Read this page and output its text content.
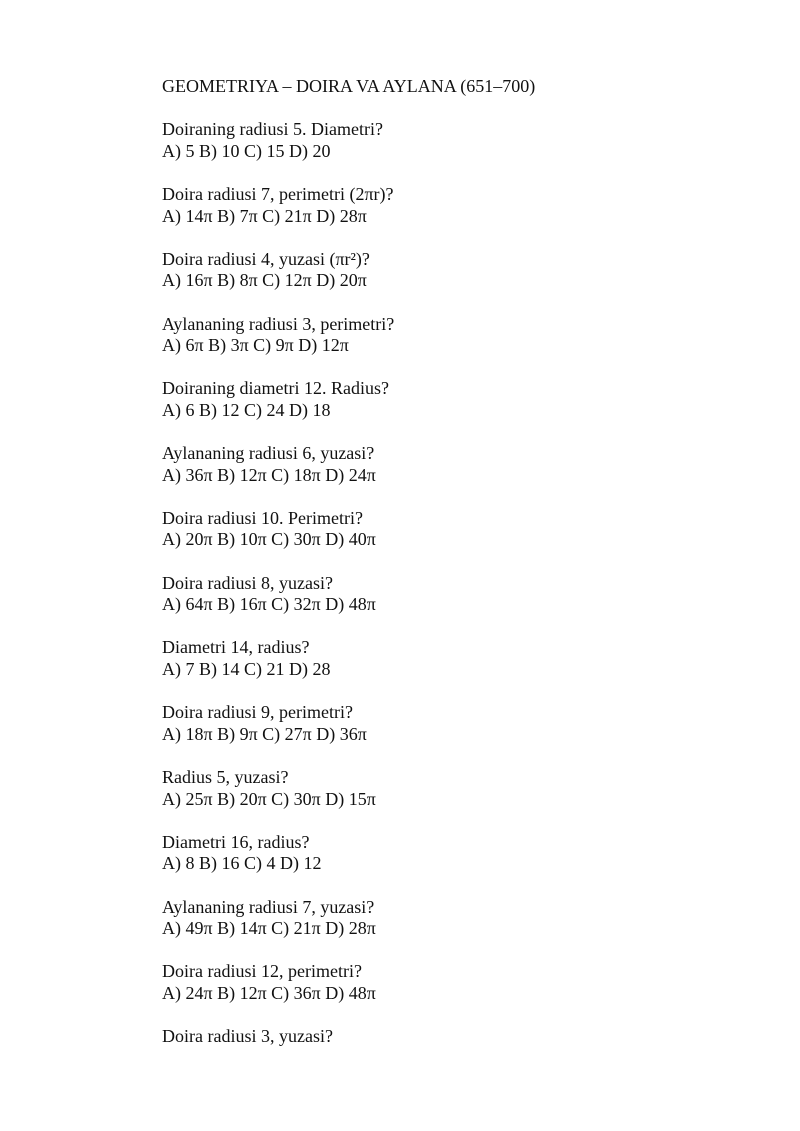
GEOMETRIYA – DOIRA VA AYLANA (651–700)
Doiraning radiusi 5. Diametri?
A) 5 B) 10 C) 15 D) 20
Doira radiusi 7, perimetri (2πr)?
A) 14π B) 7π C) 21π D) 28π
Doira radiusi 4, yuzasi (πr²)?
A) 16π B) 8π C) 12π D) 20π
Aylananing radiusi 3, perimetri?
A) 6π B) 3π C) 9π D) 12π
Doiraning diametri 12. Radius?
A) 6 B) 12 C) 24 D) 18
Aylananing radiusi 6, yuzasi?
A) 36π B) 12π C) 18π D) 24π
Doira radiusi 10. Perimetri?
A) 20π B) 10π C) 30π D) 40π
Doira radiusi 8, yuzasi?
A) 64π B) 16π C) 32π D) 48π
Diametri 14, radius?
A) 7 B) 14 C) 21 D) 28
Doira radiusi 9, perimetri?
A) 18π B) 9π C) 27π D) 36π
Radius 5, yuzasi?
A) 25π B) 20π C) 30π D) 15π
Diametri 16, radius?
A) 8 B) 16 C) 4 D) 12
Aylananing radiusi 7, yuzasi?
A) 49π B) 14π C) 21π D) 28π
Doira radiusi 12, perimetri?
A) 24π B) 12π C) 36π D) 48π
Doira radiusi 3, yuzasi?
